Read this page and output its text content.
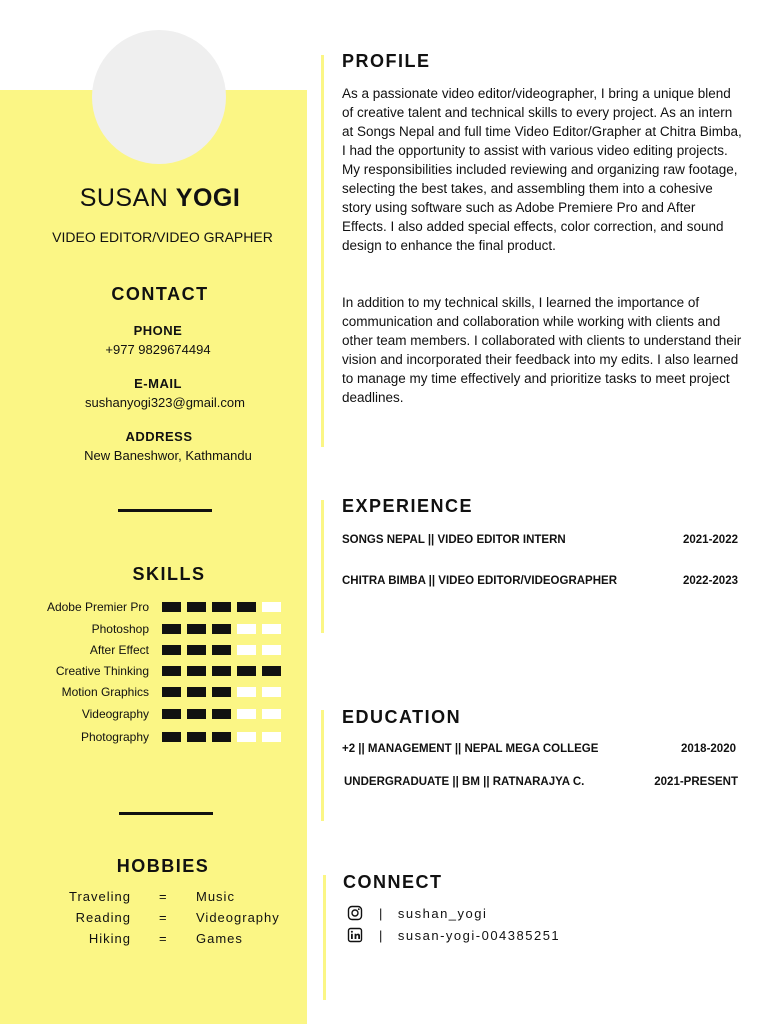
SUSAN YOGI
VIDEO EDITOR/VIDEO GRAPHER
CONTACT
PHONE
+977 9829674494
E-MAIL
sushanyogi323@gmail.com
ADDRESS
New Baneshwor, Kathmandu
SKILLS
Adobe Premier Pro
Photoshop
After Effect
Creative Thinking
Motion Graphics
Videography
Photography
HOBBIES
Traveling = Music
Reading = Videography
Hiking = Games
PROFILE
As a passionate video editor/videographer, I bring a unique blend of creative talent and technical skills to every project. As an intern at Songs Nepal and full time Video Editor/Grapher at Chitra Bimba, I had the opportunity to assist with various video editing projects. My responsibilities included reviewing and organizing raw footage, selecting the best takes, and assembling them into a cohesive story using software such as Adobe Premiere Pro and After Effects. I also added special effects, color correction, and sound design to enhance the final product.
In addition to my technical skills, I learned the importance of communication and collaboration while working with clients and other team members. I collaborated with clients to understand their vision and incorporated their feedback into my edits. I also learned to manage my time effectively and prioritize tasks to meet project deadlines.
EXPERIENCE
SONGS NEPAL || VIDEO EDITOR INTERN	2021-2022
CHITRA BIMBA || VIDEO EDITOR/VIDEOGRAPHER	2022-2023
EDUCATION
+2 || MANAGEMENT || NEPAL MEGA COLLEGE	2018-2020
UNDERGRADUATE || BM || RATNARAJYA C.	2021-PRESENT
CONNECT
| sushan_yogi
| susan-yogi-004385251
